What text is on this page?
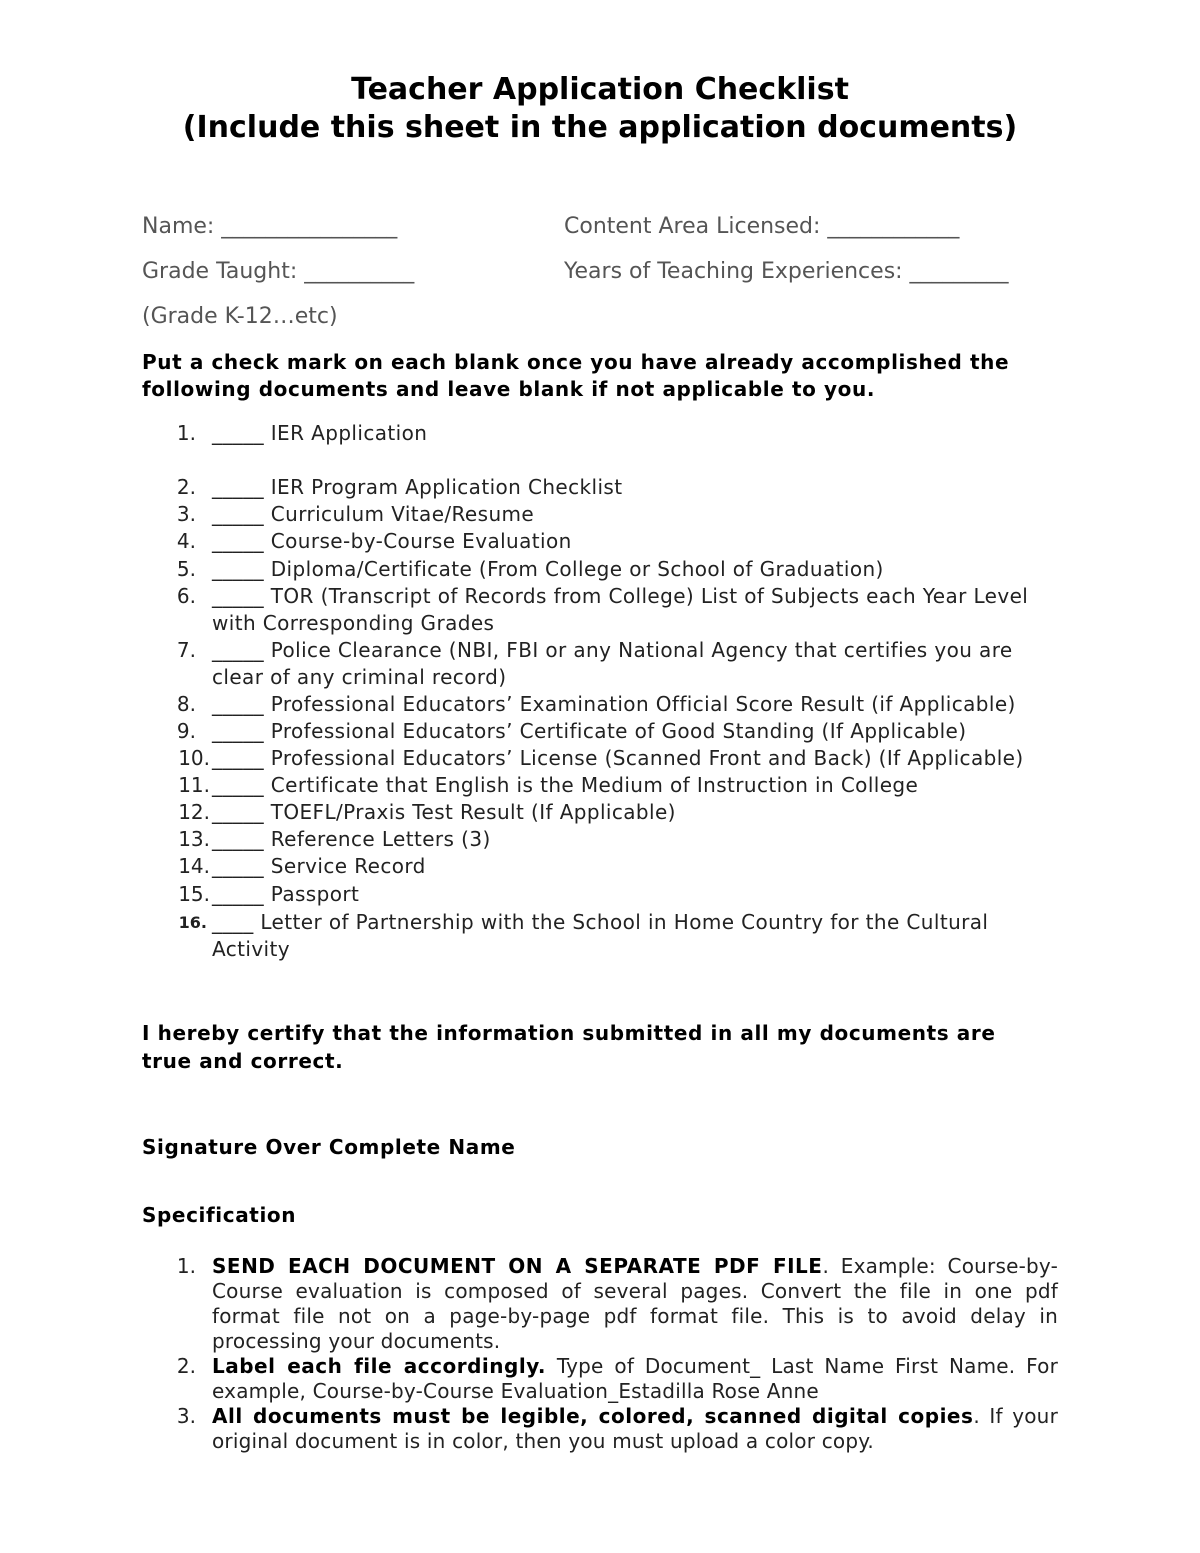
Teacher Application Checklist
(Include this sheet in the application documents)
Name: ________________	Content Area Licensed: ____________
Grade Taught: __________	Years of Teaching Experiences: _________
(Grade K-12…etc)
Put a check mark on each blank once you have already accomplished the
following documents and leave blank if not applicable to you.
1. _____ IER Application
2. _____ IER Program Application Checklist
3. _____ Curriculum Vitae/Resume
4. _____ Course-by-Course Evaluation
5. _____ Diploma/Certificate (From College or School of Graduation)
6. _____ TOR (Transcript of Records from College) List of Subjects each Year Level
with Corresponding Grades
7. _____ Police Clearance (NBI, FBI or any National Agency that certifies you are
clear of any criminal record)
8. _____ Professional Educators’ Examination Official Score Result (if Applicable)
9. _____ Professional Educators’ Certificate of Good Standing (If Applicable)
10. _____ Professional Educators’ License (Scanned Front and Back) (If Applicable)
11. _____ Certificate that English is the Medium of Instruction in College
12. _____ TOEFL/Praxis Test Result (If Applicable)
13. _____ Reference Letters (3)
14. _____ Service Record
15. _____ Passport
16. ____ Letter of Partnership with the School in Home Country for the Cultural
Activity
I hereby certify that the information submitted in all my documents are
true and correct.
Signature Over Complete Name
Specification
1. SEND EACH DOCUMENT ON A SEPARATE PDF FILE. Example: Course-by-Course evaluation is composed of several pages. Convert the file in one pdf format file not on a page-by-page pdf format file. This is to avoid delay in processing your documents.
2. Label each file accordingly. Type of Document_ Last Name First Name. For example, Course-by-Course Evaluation_Estadilla Rose Anne
3. All documents must be legible, colored, scanned digital copies. If your original document is in color, then you must upload a color copy.
